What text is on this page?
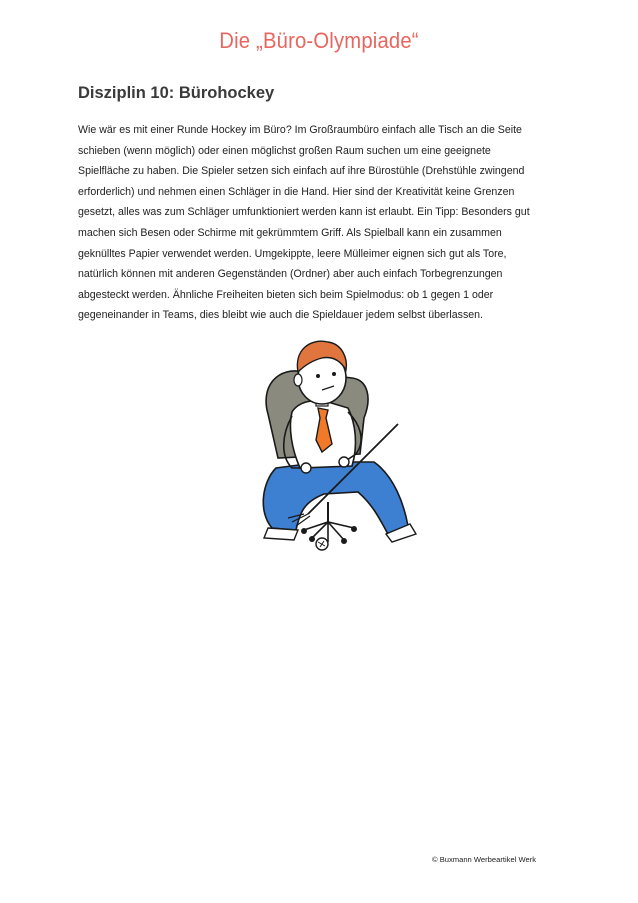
Die „Büro-Olympiade“
Disziplin 10: Bürohockey
Wie wär es mit einer Runde Hockey im Büro? Im Großraumbüro einfach alle Tisch an die Seite
schieben (wenn möglich) oder einen möglichst großen Raum suchen um eine geeignete
Spielfläche zu haben. Die Spieler setzen sich einfach auf ihre Bürostühle (Drehstühle zwingend
erforderlich) und nehmen einen Schläger in die Hand. Hier sind der Kreativität keine Grenzen
gesetzt, alles was zum Schläger umfunktioniert werden kann ist erlaubt. Ein Tipp: Besonders gut
machen sich Besen oder Schirme mit gekrümmtem Griff. Als Spielball kann ein zusammen
geknülltes Papier verwendet werden. Umgekippte, leere Mülleimer eignen sich gut als Tore,
natürlich können mit anderen Gegenständen (Ordner) aber auch einfach Torbegrenzungen
abgesteckt werden. Ähnliche Freiheiten bieten sich beim Spielmodus: ob 1 gegen 1 oder
gegeneinander in Teams, dies bleibt wie auch die Spieldauer jedem selbst überlassen.
© Buxmann Werbeartikel Werk
